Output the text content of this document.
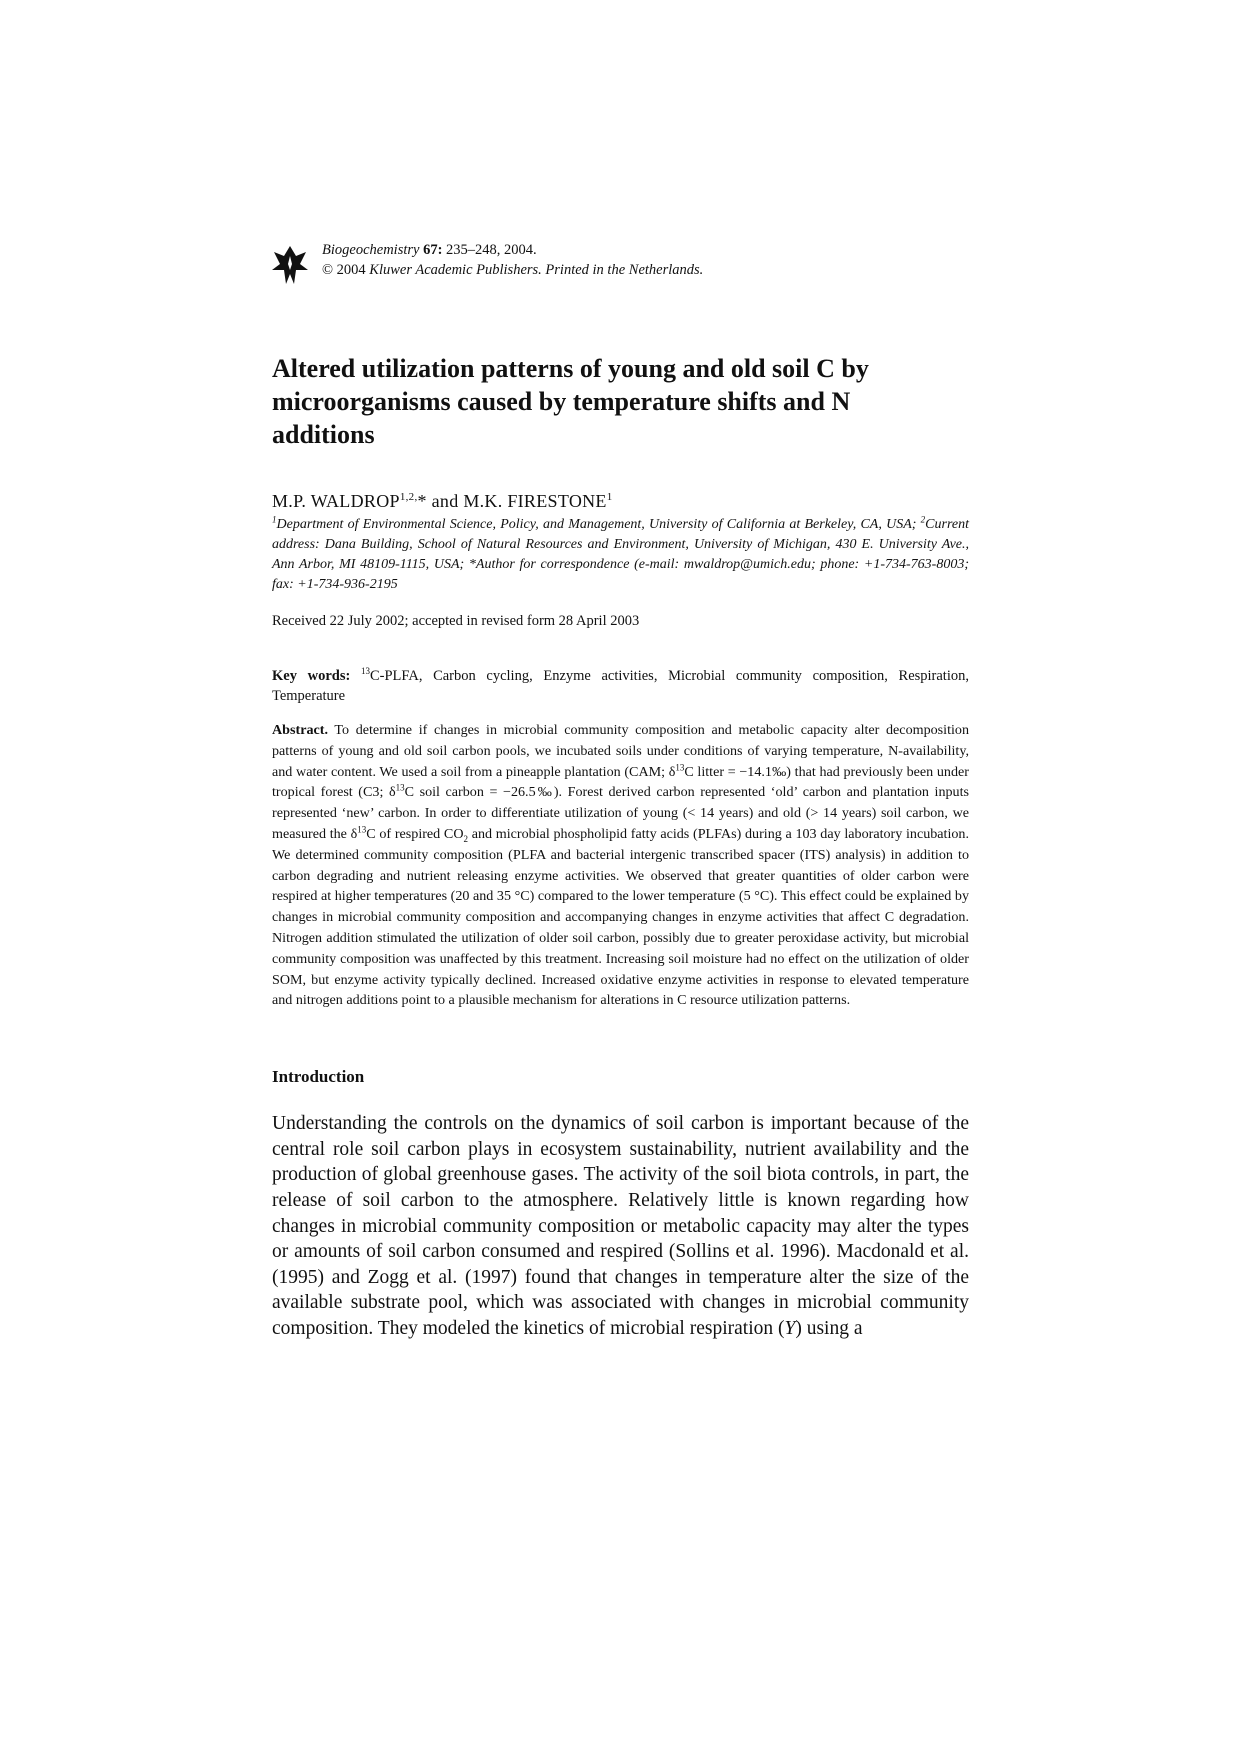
Biogeochemistry 67: 235–248, 2004.
© 2004 Kluwer Academic Publishers. Printed in the Netherlands.
Altered utilization patterns of young and old soil C by microorganisms caused by temperature shifts and N additions
M.P. $WALDROP^{1,2,}*$ and M.K. FIRESTONE$^1$
$^1$Department of Environmental Science, Policy, and Management, University of California at Berkeley, CA, USA; $^2$Current address: Dana Building, School of Natural Resources and Environment, University of Michigan, 430 E. University Ave., Ann Arbor, MI 48109-1115, USA; *Author for correspondence (e-mail: mwaldrop@umich.edu; phone: +1-734-763-8003; fax: +1-734-936-2195
Received 22 July 2002; accepted in revised form 28 April 2003
Key words: $^{13}$C-PLFA, Carbon cycling, Enzyme activities, Microbial community composition, Respiration, Temperature
Abstract. To determine if changes in microbial community composition and metabolic capacity alter decomposition patterns of young and old soil carbon pools, we incubated soils under conditions of varying temperature, N-availability, and water content. We used a soil from a pineapple plantation (CAM; $\delta^{13}C$ litter = −14.1‰) that had previously been under tropical forest (C3; $\delta^{13}C$ soil carbon = −26.5‰). Forest derived carbon represented ‘old’ carbon and plantation inputs represented ‘new’ carbon. In order to differentiate utilization of young (< 14 years) and old (> 14 years) soil carbon, we measured the $\delta^{13}C$ of respired $CO_2$ and microbial phospholipid fatty acids (PLFAs) during a 103 day laboratory incubation. We determined community composition (PLFA and bacterial intergenic transcribed spacer (ITS) analysis) in addition to carbon degrading and nutrient releasing enzyme activities. We observed that greater quantities of older carbon were respired at higher temperatures (20 and 35 °C) compared to the lower temperature (5 °C). This effect could be explained by changes in microbial community composition and accompanying changes in enzyme activities that affect C degradation. Nitrogen addition stimulated the utilization of older soil carbon, possibly due to greater peroxidase activity, but microbial community composition was unaffected by this treatment. Increasing soil moisture had no effect on the utilization of older SOM, but enzyme activity typically declined. Increased oxidative enzyme activities in response to elevated temperature and nitrogen additions point to a plausible mechanism for alterations in C resource utilization patterns.
Introduction
Understanding the controls on the dynamics of soil carbon is important because of the central role soil carbon plays in ecosystem sustainability, nutrient availability and the production of global greenhouse gases. The activity of the soil biota controls, in part, the release of soil carbon to the atmosphere. Relatively little is known regarding how changes in microbial community composition or metabolic capacity may alter the types or amounts of soil carbon consumed and respired (Sollins et al. 1996). Macdonald et al. (1995) and Zogg et al. (1997) found that changes in temperature alter the size of the available substrate pool, which was associated with changes in microbial community composition. They modeled the kinetics of microbial respiration (Y) using a
